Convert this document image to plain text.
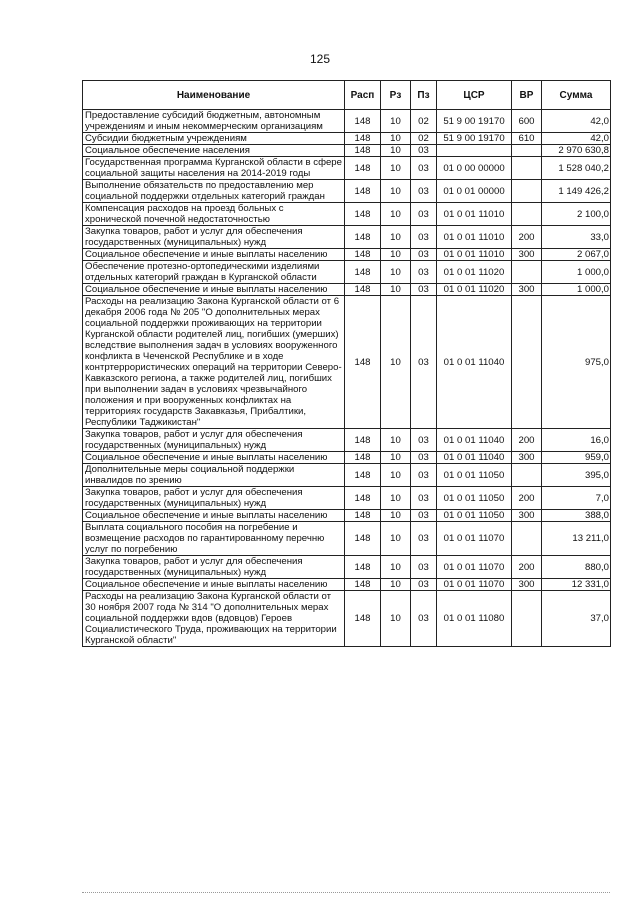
125
Наименование	Расп	Рз	Пз	ЦСР	ВР	Сумма
Предоставление субсидий бюджетным, автономным учреждениям и иным некоммерческим организациям	148	10	02	51 9 00 19170	600	42,0
Субсидии бюджетным учреждениям	148	10	02	51 9 00 19170	610	42,0
Социальное обеспечение населения	148	10	03			2 970 630,8
Государственная программа Курганской области в сфере социальной защиты населения на 2014-2019 годы	148	10	03	01 0 00 00000		1 528 040,2
Выполнение обязательств по предоставлению мер социальной поддержки отдельных категорий граждан	148	10	03	01 0 01 00000		1 149 426,2
Компенсация расходов на проезд больных с хронической почечной недостаточностью	148	10	03	01 0 01 11010		2 100,0
Закупка товаров, работ и услуг для обеспечения государственных (муниципальных) нужд	148	10	03	01 0 01 11010	200	33,0
Социальное обеспечение и иные выплаты населению	148	10	03	01 0 01 11010	300	2 067,0
Обеспечение протезно-ортопедическими изделиями отдельных категорий граждан в Курганской области	148	10	03	01 0 01 11020		1 000,0
Социальное обеспечение и иные выплаты населению	148	10	03	01 0 01 11020	300	1 000,0
Расходы на реализацию Закона Курганской области от 6 декабря 2006 года № 205 "О дополнительных мерах социальной поддержки проживающих на территории Курганской области родителей лиц, погибших (умерших) вследствие выполнения задач в условиях вооруженного конфликта в Чеченской Республике и в ходе контртеррористических операций на территории Северо-Кавказского региона, а также родителей лиц, погибших при выполнении задач в условиях чрезвычайного положения и при вооруженных конфликтах на территориях государств Закавказья, Прибалтики, Республики Таджикистан"	148	10	03	01 0 01 11040		975,0
Закупка товаров, работ и услуг для обеспечения государственных (муниципальных) нужд	148	10	03	01 0 01 11040	200	16,0
Социальное обеспечение и иные выплаты населению	148	10	03	01 0 01 11040	300	959,0
Дополнительные меры социальной поддержки инвалидов по зрению	148	10	03	01 0 01 11050		395,0
Закупка товаров, работ и услуг для обеспечения государственных (муниципальных) нужд	148	10	03	01 0 01 11050	200	7,0
Социальное обеспечение и иные выплаты населению	148	10	03	01 0 01 11050	300	388,0
Выплата социального пособия на погребение и возмещение расходов по гарантированному перечню услуг по погребению	148	10	03	01 0 01 11070		13 211,0
Закупка товаров, работ и услуг для обеспечения государственных (муниципальных) нужд	148	10	03	01 0 01 11070	200	880,0
Социальное обеспечение и иные выплаты населению	148	10	03	01 0 01 11070	300	12 331,0
Расходы на реализацию Закона Курганской области от 30 ноября 2007 года № 314 "О дополнительных мерах социальной поддержки вдов (вдовцов) Героев Социалистического Труда, проживающих на территории Курганской области"	148	10	03	01 0 01 11080		37,0
